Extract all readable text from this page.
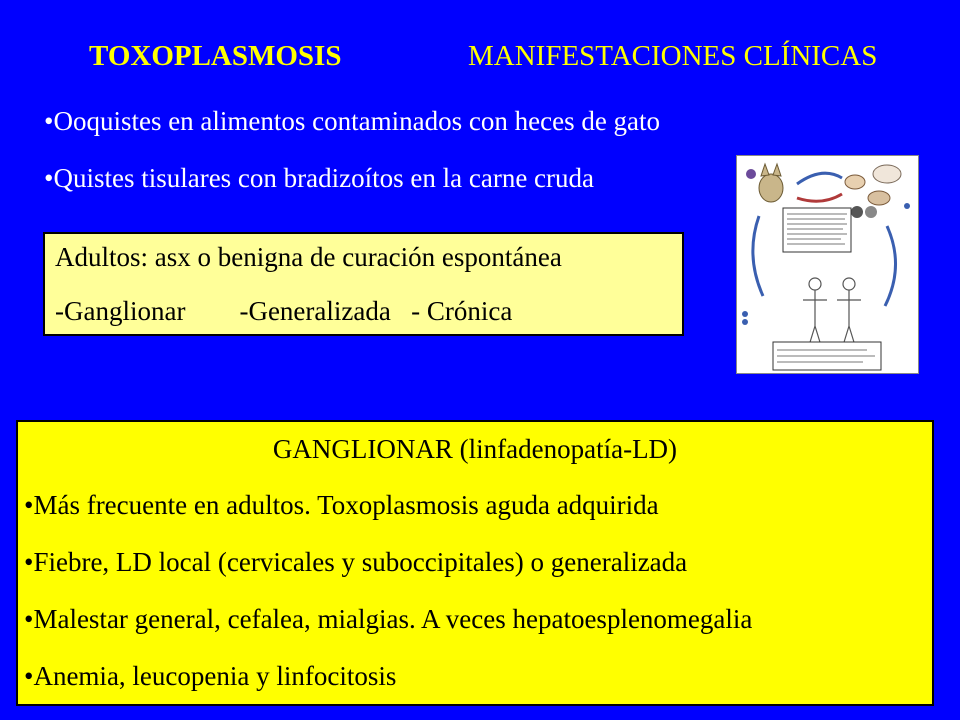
TOXOPLASMOSIS	MANIFESTACIONES CLÍNICAS
•Ooquistes en alimentos contaminados con heces de gato
•Quistes tisulares con bradizoítos en la carne cruda
Adultos: asx o benigna de curación espontánea
-Ganglionar        -Generalizada   - Crónica
GANGLIONAR (linfadenopatía-LD)
•Más frecuente en adultos. Toxoplasmosis aguda adquirida
•Fiebre, LD local (cervicales y suboccipitales) o generalizada
•Malestar general, cefalea, mialgias. A veces hepatoesplenomegalia
•Anemia, leucopenia y linfocitosis
